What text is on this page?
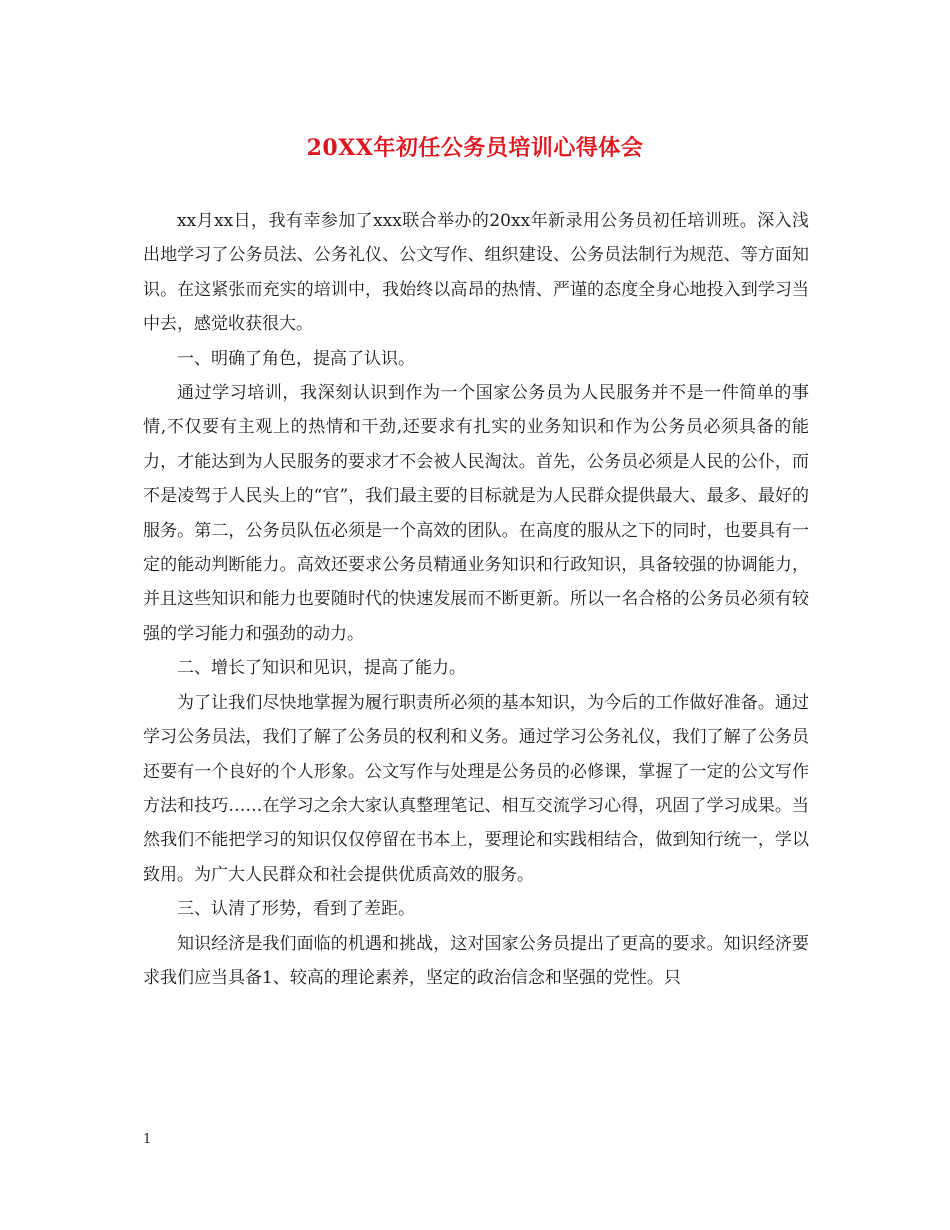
20XX年初任公务员培训心得体会

xx月xx日，我有幸参加了xxx联合举办的20xx年新录用公务员初任培训班。深入浅出地学习了公务员法、公务礼仪、公文写作、组织建设、公务员法制行为规范、等方面知识。在这紧张而充实的培训中，我始终以高昂的热情、严谨的态度全身心地投入到学习当中去，感觉收获很大。

一、明确了角色，提高了认识。

通过学习培训，我深刻认识到作为一个国家公务员为人民服务并不是一件简单的事情,不仅要有主观上的热情和干劲,还要求有扎实的业务知识和作为公务员必须具备的能力，才能达到为人民服务的要求才不会被人民淘汰。首先，公务员必须是人民的公仆，而不是凌驾于人民头上的“官”，我们最主要的目标就是为人民群众提供最大、最多、最好的服务。第二，公务员队伍必须是一个高效的团队。在高度的服从之下的同时，也要具有一定的能动判断能力。高效还要求公务员精通业务知识和行政知识，具备较强的协调能力，并且这些知识和能力也要随时代的快速发展而不断更新。所以一名合格的公务员必须有较强的学习能力和强劲的动力。

二、增长了知识和见识，提高了能力。

为了让我们尽快地掌握为履行职责所必须的基本知识，为今后的工作做好准备。通过学习公务员法，我们了解了公务员的权利和义务。通过学习公务礼仪，我们了解了公务员还要有一个良好的个人形象。公文写作与处理是公务员的必修课，掌握了一定的公文写作方法和技巧……在学习之余大家认真整理笔记、相互交流学习心得，巩固了学习成果。当然我们不能把学习的知识仅仅停留在书本上，要理论和实践相结合，做到知行统一，学以致用。为广大人民群众和社会提供优质高效的服务。

三、认清了形势，看到了差距。

知识经济是我们面临的机遇和挑战，这对国家公务员提出了更高的要求。知识经济要求我们应当具备1、较高的理论素养，坚定的政治信念和坚强的党性。只

1
